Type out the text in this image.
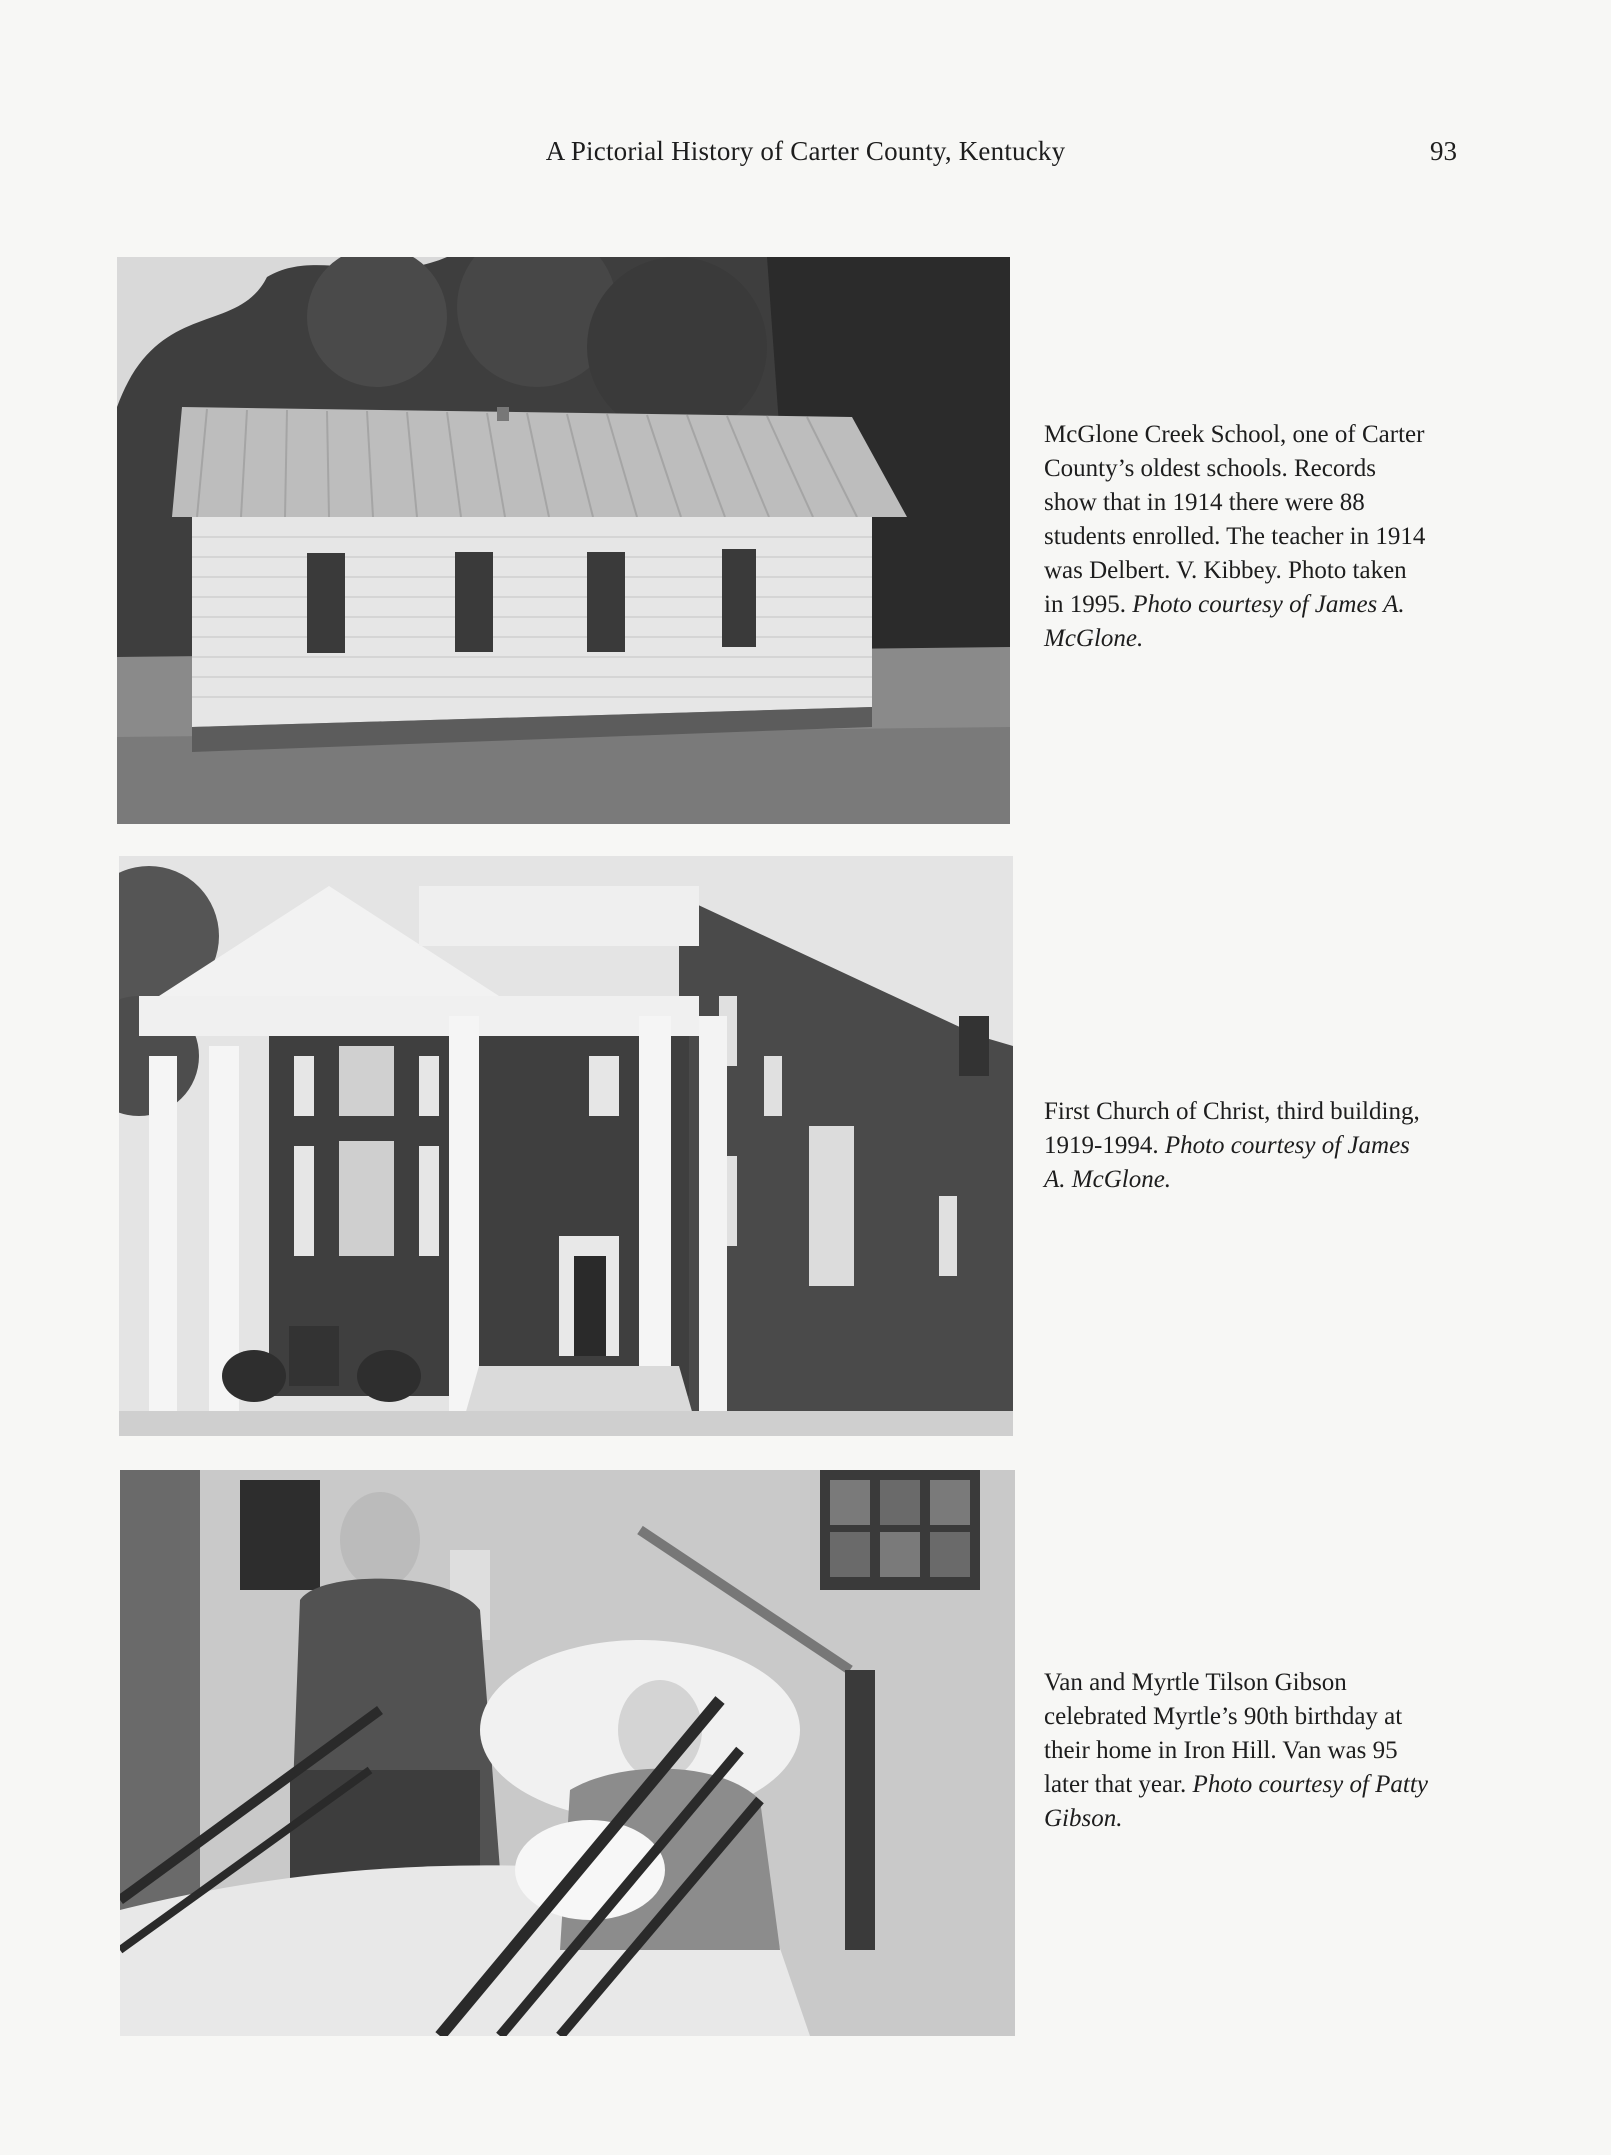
A Pictorial History of Carter County, Kentucky	93
McGlone Creek School, one of Carter
County’s oldest schools. Records
show that in 1914 there were 88
students enrolled. The teacher in 1914
was Delbert. V. Kibbey. Photo taken
in 1995. Photo courtesy of James A.
McGlone.
First Church of Christ, third building,
1919-1994. Photo courtesy of James
A. McGlone.
Van and Myrtle Tilson Gibson
celebrated Myrtle’s 90th birthday at
their home in Iron Hill. Van was 95
later that year. Photo courtesy of Patty
Gibson.
